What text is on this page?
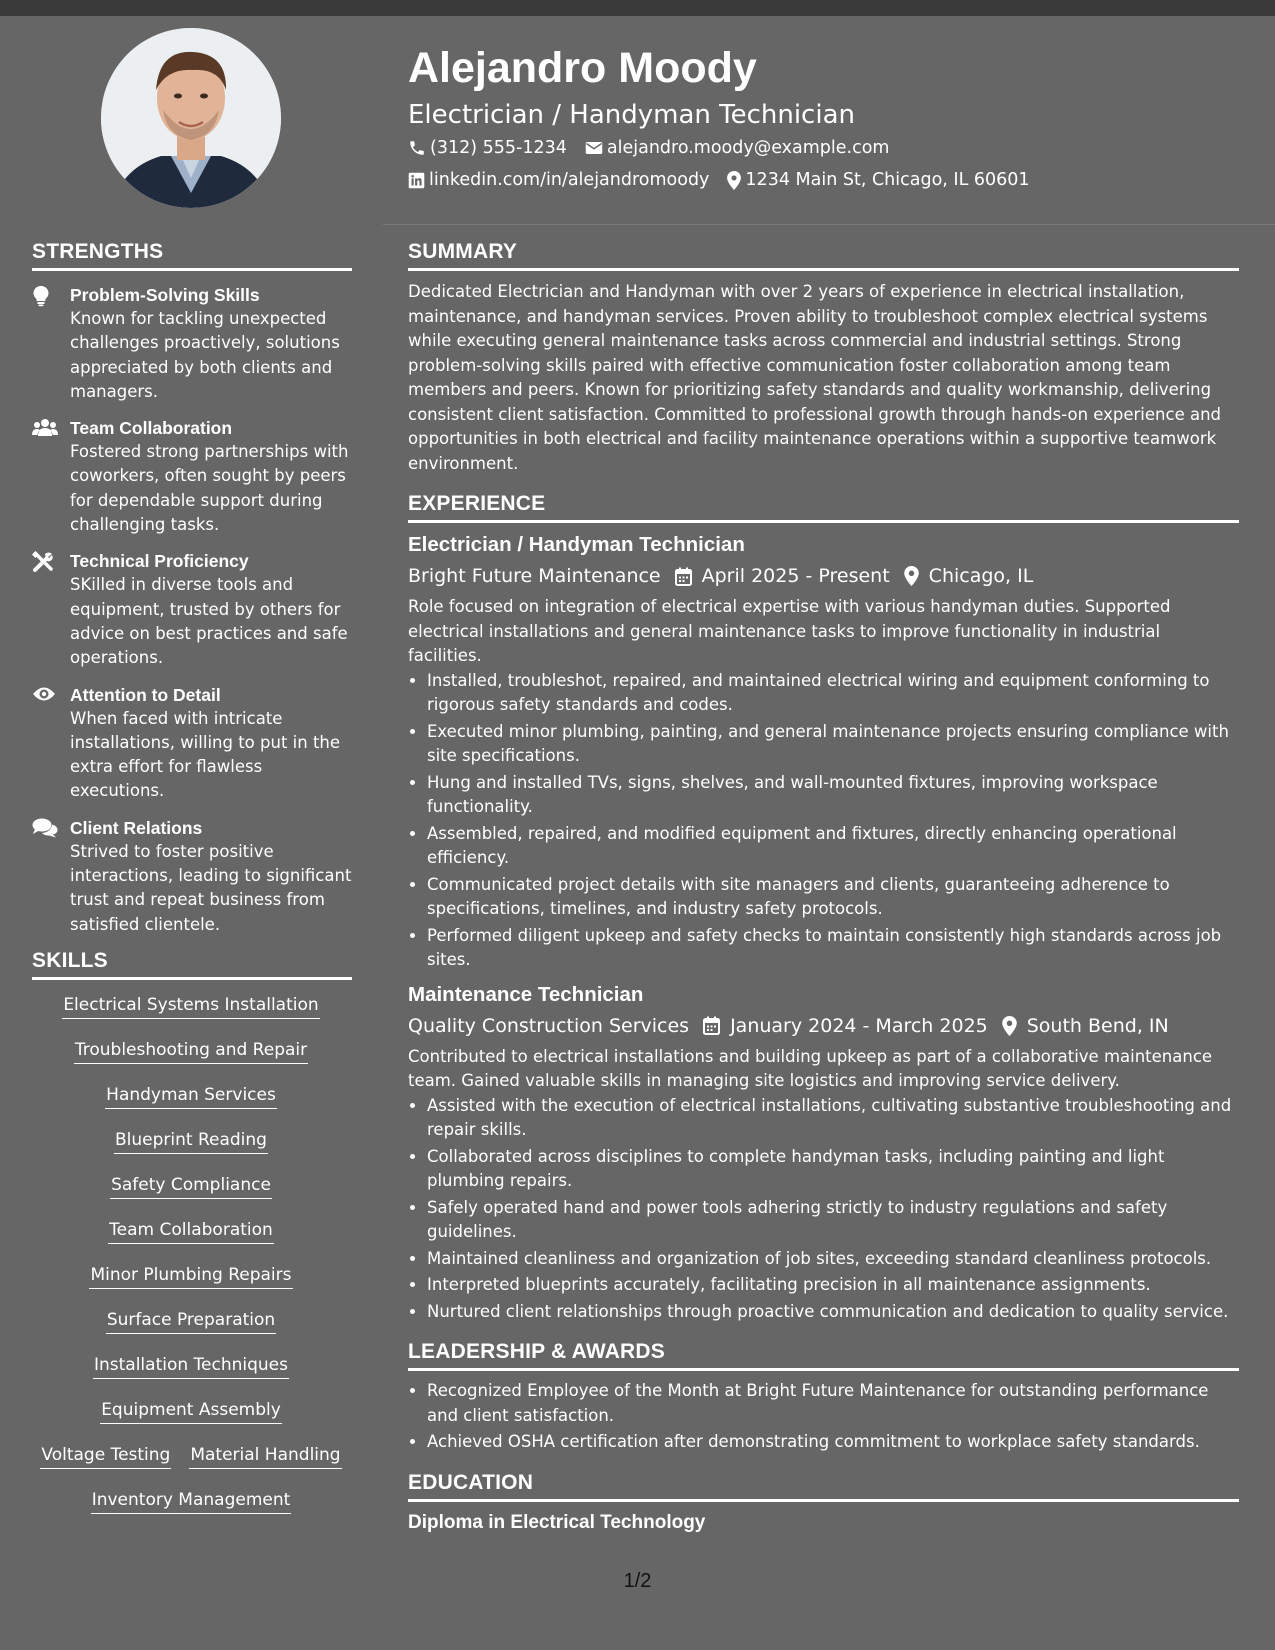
Alejandro Moody
Electrician / Handyman Technician
(312) 555-1234 alejandro.moody@example.com
linkedin.com/in/alejandromoody 1234 Main St, Chicago, IL 60601
STRENGTHS
Problem-Solving Skills
Known for tackling unexpected challenges proactively, solutions appreciated by both clients and managers.
Team Collaboration
Fostered strong partnerships with coworkers, often sought by peers for dependable support during challenging tasks.
Technical Proficiency
SKilled in diverse tools and equipment, trusted by others for advice on best practices and safe operations.
Attention to Detail
When faced with intricate installations, willing to put in the extra effort for flawless executions.
Client Relations
Strived to foster positive interactions, leading to significant trust and repeat business from satisfied clientele.
SKILLS
Electrical Systems Installation
Troubleshooting and Repair
Handyman Services
Blueprint Reading
Safety Compliance
Team Collaboration
Minor Plumbing Repairs
Surface Preparation
Installation Techniques
Equipment Assembly
Voltage Testing Material Handling
Inventory Management
SUMMARY
Dedicated Electrician and Handyman with over 2 years of experience in electrical installation, maintenance, and handyman services. Proven ability to troubleshoot complex electrical systems while executing general maintenance tasks across commercial and industrial settings. Strong problem-solving skills paired with effective communication foster collaboration among team members and peers. Known for prioritizing safety standards and quality workmanship, delivering consistent client satisfaction. Committed to professional growth through hands-on experience and opportunities in both electrical and facility maintenance operations within a supportive teamwork environment.
EXPERIENCE
Electrician / Handyman Technician
Bright Future Maintenance April 2025 - Present Chicago, IL
Role focused on integration of electrical expertise with various handyman duties. Supported electrical installations and general maintenance tasks to improve functionality in industrial facilities.
• Installed, troubleshot, repaired, and maintained electrical wiring and equipment conforming to rigorous safety standards and codes.
• Executed minor plumbing, painting, and general maintenance projects ensuring compliance with site specifications.
• Hung and installed TVs, signs, shelves, and wall-mounted fixtures, improving workspace functionality.
• Assembled, repaired, and modified equipment and fixtures, directly enhancing operational efficiency.
• Communicated project details with site managers and clients, guaranteeing adherence to specifications, timelines, and industry safety protocols.
• Performed diligent upkeep and safety checks to maintain consistently high standards across job sites.
Maintenance Technician
Quality Construction Services January 2024 - March 2025 South Bend, IN
Contributed to electrical installations and building upkeep as part of a collaborative maintenance team. Gained valuable skills in managing site logistics and improving service delivery.
• Assisted with the execution of electrical installations, cultivating substantive troubleshooting and repair skills.
• Collaborated across disciplines to complete handyman tasks, including painting and light plumbing repairs.
• Safely operated hand and power tools adhering strictly to industry regulations and safety guidelines.
• Maintained cleanliness and organization of job sites, exceeding standard cleanliness protocols.
• Interpreted blueprints accurately, facilitating precision in all maintenance assignments.
• Nurtured client relationships through proactive communication and dedication to quality service.
LEADERSHIP & AWARDS
• Recognized Employee of the Month at Bright Future Maintenance for outstanding performance and client satisfaction.
• Achieved OSHA certification after demonstrating commitment to workplace safety standards.
EDUCATION
Diploma in Electrical Technology
1/2
